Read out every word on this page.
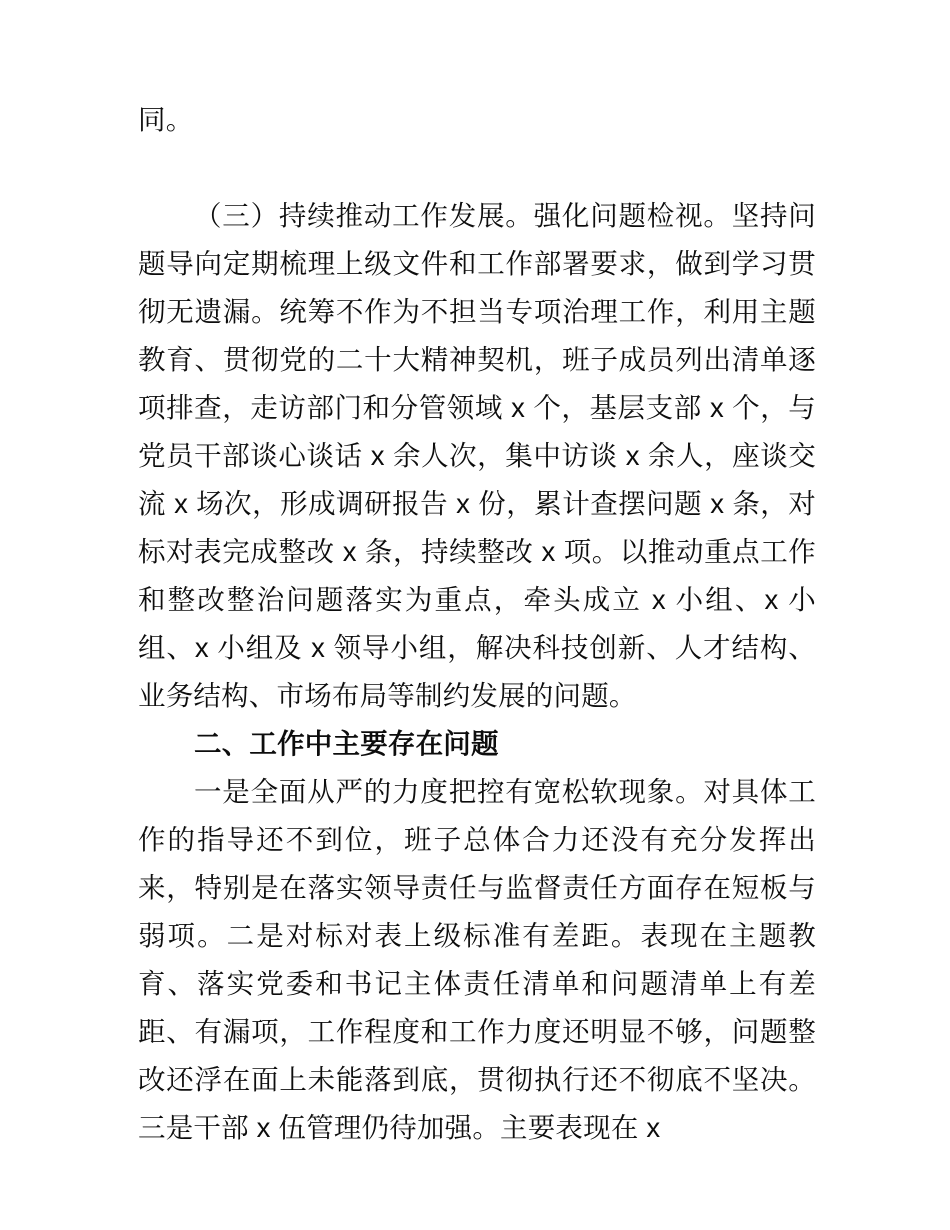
同。

（三）持续推动工作发展。强化问题检视。坚持问题导向定期梳理上级文件和工作部署要求，做到学习贯彻无遗漏。统筹不作为不担当专项治理工作，利用主题教育、贯彻党的二十大精神契机，班子成员列出清单逐项排查，走访部门和分管领域 x 个，基层支部 x 个，与党员干部谈心谈话 x 余人次，集中访谈 x 余人，座谈交流 x 场次，形成调研报告 x 份，累计查摆问题 x 条，对标对表完成整改 x 条，持续整改 x 项。以推动重点工作和整改整治问题落实为重点，牵头成立 x 小组、x 小组、x 小组及 x 领导小组，解决科技创新、人才结构、业务结构、市场布局等制约发展的问题。

二、工作中主要存在问题

一是全面从严的力度把控有宽松软现象。对具体工作的指导还不到位，班子总体合力还没有充分发挥出来，特别是在落实领导责任与监督责任方面存在短板与弱项。二是对标对表上级标准有差距。表现在主题教育、落实党委和书记主体责任清单和问题清单上有差距、有漏项，工作程度和工作力度还明显不够，问题整改还浮在面上未能落到底，贯彻执行还不彻底不坚决。三是干部 x 伍管理仍待加强。主要表现在 x
